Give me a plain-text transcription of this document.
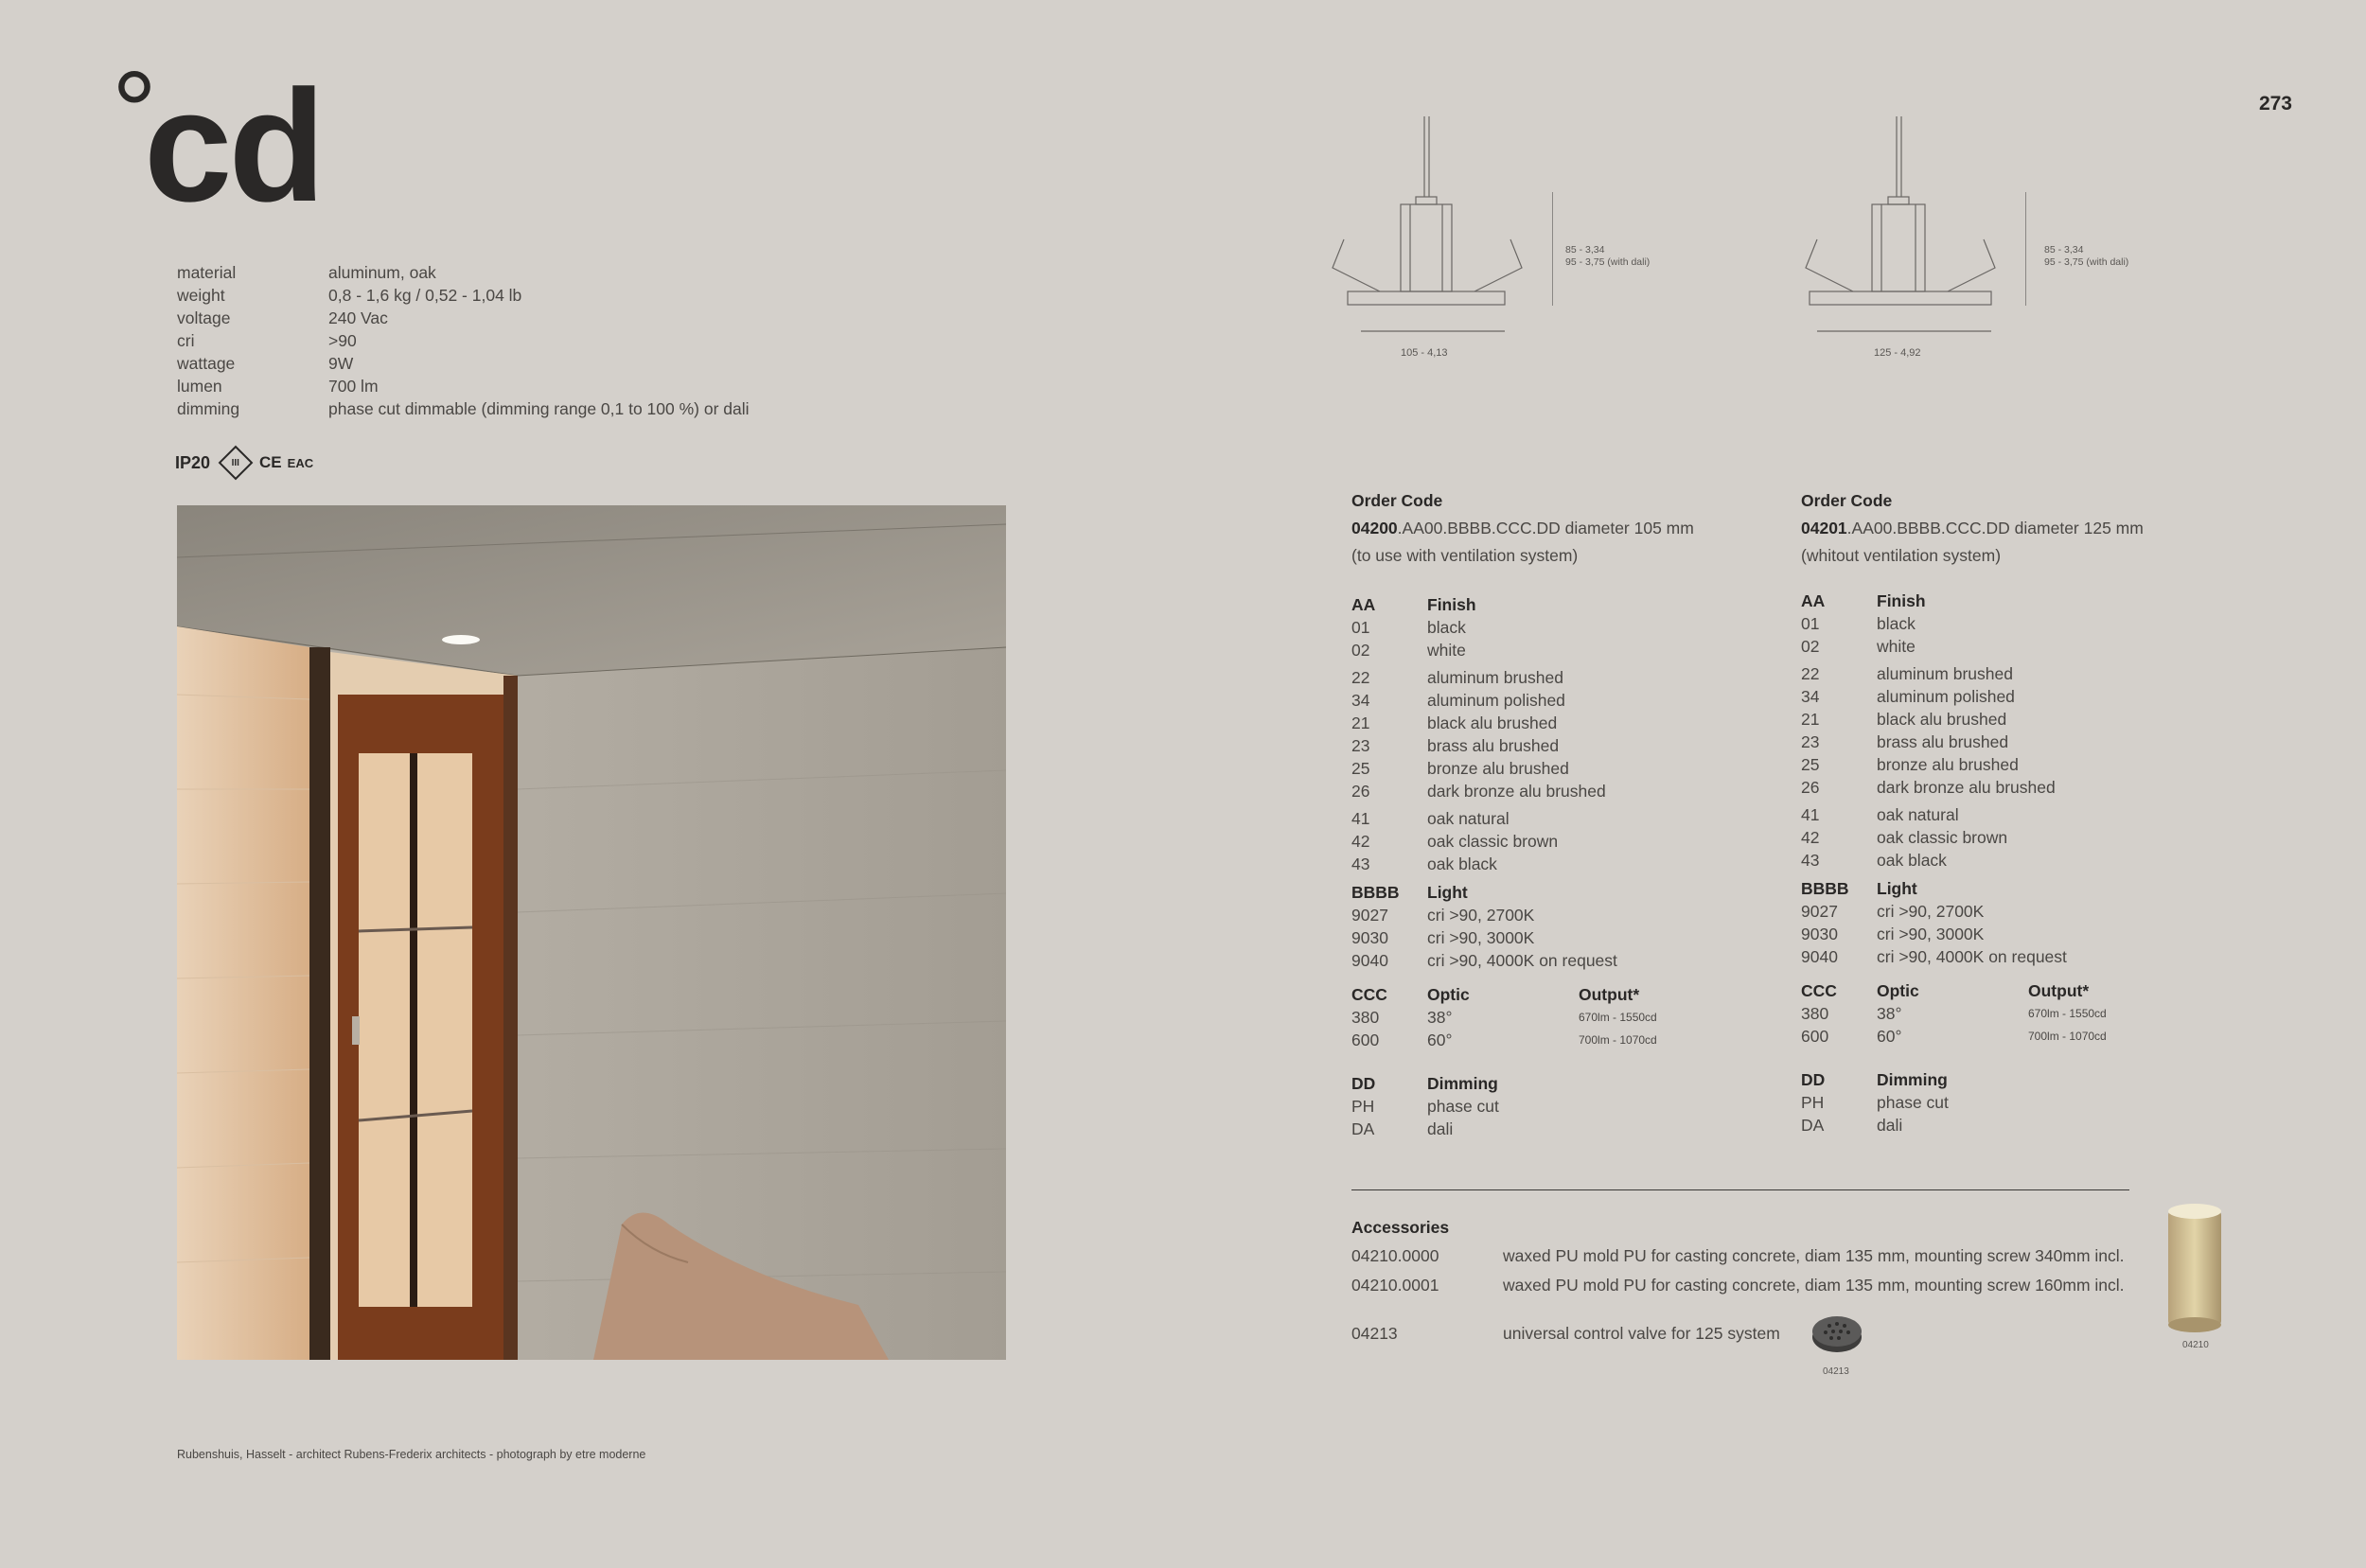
°cd	273
material	aluminum, oak
weight	0,8 - 1,6 kg / 0,52 - 1,04 lb
voltage	240 Vac
cri	>90
wattage	9W
lumen	700 lm
dimming	phase cut dimmable (dimming range 0,1 to 100 %) or dali
IP20 III CE EAC
Rubenshuis, Hasselt - architect Rubens-Frederix architects - photograph by etre moderne
105 - 4,13
85 - 3,34
95 - 3,75 (with dali)
125 - 4,92
85 - 3,34
95 - 3,75 (with dali)
Order Code
04200.AA00.BBBB.CCC.DD diameter 105 mm
(to use with ventilation system)
AA	Finish
01	black
02	white
22	aluminum brushed
34	aluminum polished
21	black alu brushed
23	brass alu brushed
25	bronze alu brushed
26	dark bronze alu brushed
41	oak natural
42	oak classic brown
43	oak black
BBBB	Light
9027	cri >90, 2700K
9030	cri >90, 3000K
9040	cri >90, 4000K on request
CCC	Optic	Output*
380	38°	670lm - 1550cd
600	60°	700lm - 1070cd
DD	Dimming
PH	phase cut
DA	dali
Order Code
04201.AA00.BBBB.CCC.DD diameter 125 mm
(whitout ventilation system)
AA	Finish
01	black
02	white
22	aluminum brushed
34	aluminum polished
21	black alu brushed
23	brass alu brushed
25	bronze alu brushed
26	dark bronze alu brushed
41	oak natural
42	oak classic brown
43	oak black
BBBB	Light
9027	cri >90, 2700K
9030	cri >90, 3000K
9040	cri >90, 4000K on request
CCC	Optic	Output*
380	38°	670lm - 1550cd
600	60°	700lm - 1070cd
DD	Dimming
PH	phase cut
DA	dali
Accessories
04210.0000	waxed PU mold PU for casting concrete, diam 135 mm, mounting screw 340mm incl.
04210.0001	waxed PU mold PU for casting concrete, diam 135 mm, mounting screw 160mm incl.
04213	universal control valve for 125 system
04213
04210
